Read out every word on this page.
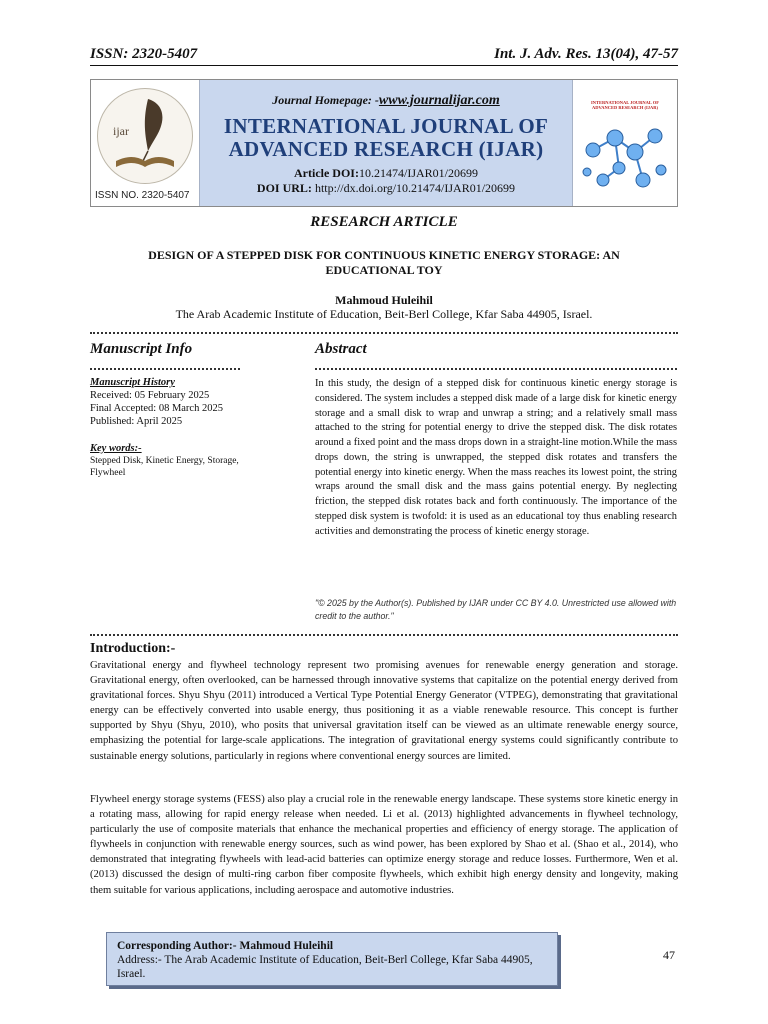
ISSN: 2320-5407	Int. J. Adv. Res. 13(04), 47-57
ijar
ISSN NO. 2320-5407
Journal Homepage: -www.journalijar.com
INTERNATIONAL JOURNAL OF
ADVANCED RESEARCH (IJAR)
Article DOI:10.21474/IJAR01/20699
DOI URL: http://dx.doi.org/10.21474/IJAR01/20699
INTERNATIONAL JOURNAL OF ADVANCED RESEARCH (IJAR)
RESEARCH ARTICLE
DESIGN OF A STEPPED DISK FOR CONTINUOUS KINETIC ENERGY STORAGE: AN
EDUCATIONAL TOY
Mahmoud Huleihil
The Arab Academic Institute of Education, Beit-Berl College, Kfar Saba 44905, Israel.
Manuscript Info	Abstract
Manuscript History
Received: 05 February 2025
Final Accepted: 08 March 2025
Published: April 2025
Key words:-
Stepped Disk, Kinetic Energy, Storage, Flywheel
In this study, the design of a stepped disk for continuous kinetic energy storage is considered. The system includes a stepped disk made of a large disk for kinetic energy storage and a small disk to wrap and unwrap a string; and a relatively small mass attached to the string for potential energy to drive the stepped disk. The disk rotates around a fixed point and the mass drops down in a straight-line motion.While the mass drops down, the string is unwrapped, the stepped disk rotates and transfers the potential energy into kinetic energy. When the mass reaches its lowest point, the string wraps around the small disk and the mass gains potential energy. By neglecting friction, the stepped disk rotates back and forth continuously. The importance of the stepped disk system is twofold: it is used as an educational toy thus enabling research activities and demonstrating the process of kinetic energy storage.
"© 2025 by the Author(s). Published by IJAR under CC BY 4.0. Unrestricted use allowed with credit to the author."
Introduction:-
Gravitational energy and flywheel technology represent two promising avenues for renewable energy generation and storage. Gravitational energy, often overlooked, can be harnessed through innovative systems that capitalize on the potential energy derived from gravitational forces. Shyu Shyu (2011) introduced a Vertical Type Potential Energy Generator (VTPEG), demonstrating that gravitational energy can be effectively converted into usable energy, thus positioning it as a viable renewable resource. This concept is further supported by Shyu (Shyu, 2010), who posits that universal gravitation itself can be viewed as an ultimate renewable energy source, emphasizing the potential for large-scale applications. The integration of gravitational energy systems could significantly contribute to sustainable energy solutions, particularly in regions where conventional energy sources are limited.
Flywheel energy storage systems (FESS) also play a crucial role in the renewable energy landscape. These systems store kinetic energy in a rotating mass, allowing for rapid energy release when needed. Li et al. (2013) highlighted advancements in flywheel technology, particularly the use of composite materials that enhance the mechanical properties and efficiency of energy storage. The application of flywheels in conjunction with renewable energy sources, such as wind power, has been explored by Shao et al. (Shao et al., 2014), who demonstrated that integrating flywheels with lead-acid batteries can optimize energy storage and reduce losses. Furthermore, Wen et al. (2013) discussed the design of multi-ring carbon fiber composite flywheels, which exhibit high energy density and longevity, making them suitable for various applications, including aerospace and automotive industries.
Corresponding Author:- Mahmoud Huleihil
Address:- The Arab Academic Institute of Education, Beit-Berl College, Kfar Saba 44905, Israel.
47
